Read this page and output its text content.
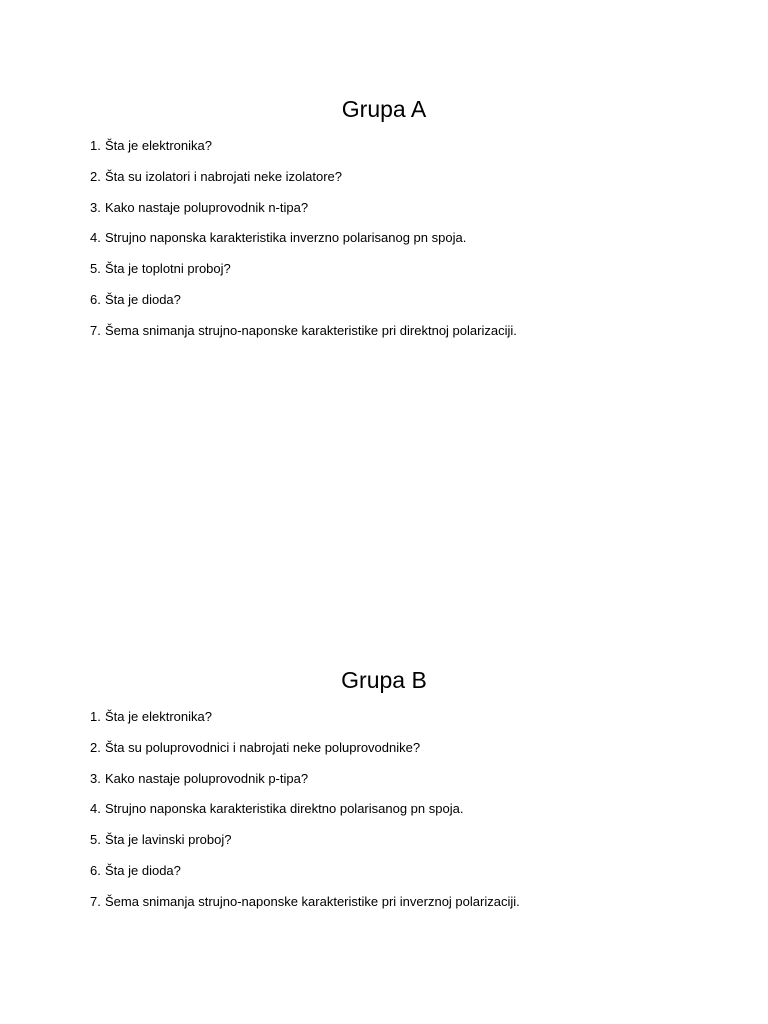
Grupa A
1. Šta je elektronika?
2. Šta su izolatori i nabrojati neke izolatore?
3. Kako nastaje poluprovodnik n-tipa?
4. Strujno naponska karakteristika inverzno polarisanog pn spoja.
5. Šta je toplotni proboj?
6. Šta je dioda?
7. Šema snimanja strujno-naponske karakteristike pri direktnoj polarizaciji.
Grupa B
1. Šta je elektronika?
2. Šta su poluprovodnici i nabrojati neke poluprovodnike?
3. Kako nastaje poluprovodnik p-tipa?
4. Strujno naponska karakteristika direktno polarisanog pn spoja.
5. Šta je lavinski proboj?
6. Šta je dioda?
7. Šema snimanja strujno-naponske karakteristike pri inverznoj polarizaciji.
